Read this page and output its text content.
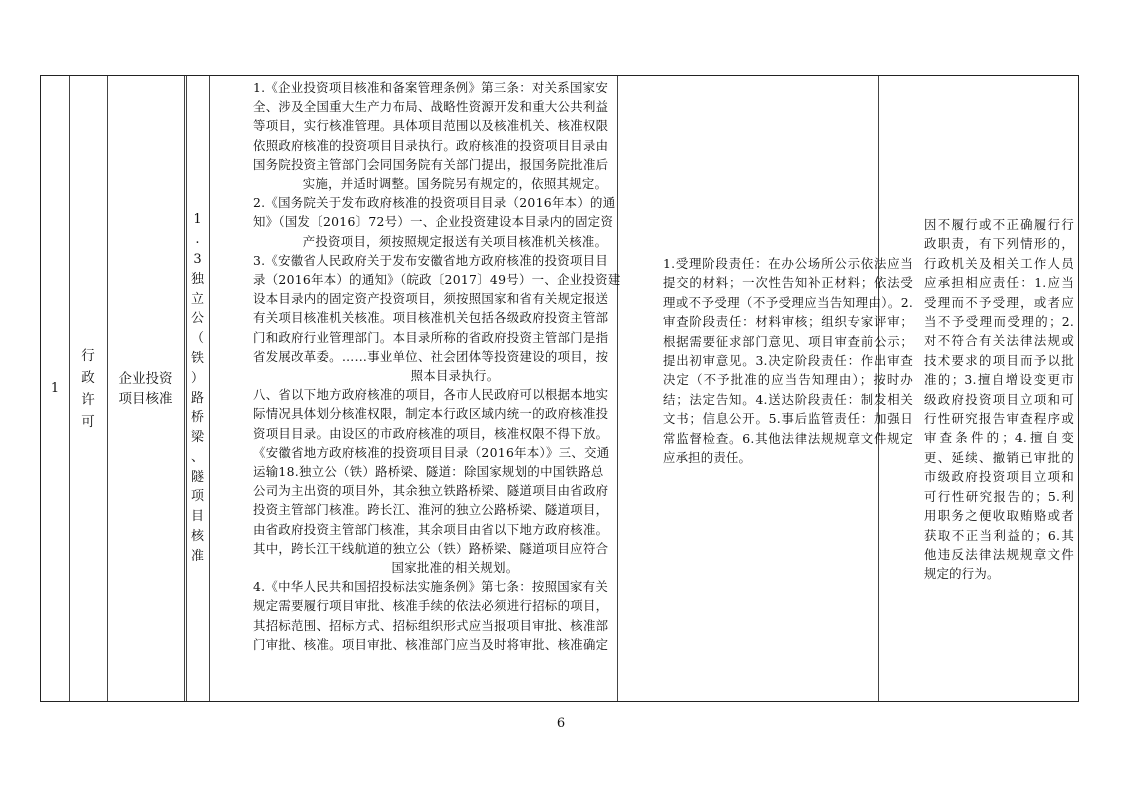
1
行
政
许
可
企业投资项目核准
1
.
3
独
立
公
（
铁
）
路
桥
梁
、
隧
项
目
核
准

1.《企业投资项目核准和备案管理条例》第三条：对关系国家安

全、涉及全国重大生产力布局、战略性资源开发和重大公共利益

等项目，实行核准管理。具体项目范围以及核准机关、核准权限

依照政府核准的投资项目目录执行。政府核准的投资项目目录由

国务院投资主管部门会同国务院有关部门提出，报国务院批准后

实施，并适时调整。国务院另有规定的，依照其规定。

2.《国务院关于发布政府核准的投资项目目录（2016年本）的通

知》（国发〔2016〕72号）一、企业投资建设本目录内的固定资

产投资项目，须按照规定报送有关项目核准机关核准。

3.《安徽省人民政府关于发布安徽省地方政府核准的投资项目目

录（2016年本）的通知》（皖政〔2017〕49号）一、企业投资建

设本目录内的固定资产投资项目，须按照国家和省有关规定报送

有关项目核准机关核准。项目核准机关包括各级政府投资主管部

门和政府行业管理部门。本目录所称的省政府投资主管部门是指

省发展改革委。……事业单位、社会团体等投资建设的项目，按

照本目录执行。

八、省以下地方政府核准的项目，各市人民政府可以根据本地实

际情况具体划分核准权限，制定本行政区域内统一的政府核准投

资项目目录。由设区的市政府核准的项目，核准权限不得下放。

《安徽省地方政府核准的投资项目目录（2016年本）》三、交通

运输18.独立公（铁）路桥梁、隧道：除国家规划的中国铁路总

公司为主出资的项目外，其余独立铁路桥梁、隧道项目由省政府

投资主管部门核准。跨长江、淮河的独立公路桥梁、隧道项目，

由省政府投资主管部门核准，其余项目由省以下地方政府核准。

其中，跨长江干线航道的独立公（铁）路桥梁、隧道项目应符合

国家批准的相关规划。

4.《中华人民共和国招投标法实施条例》第七条：按照国家有关

规定需要履行项目审批、核准手续的依法必须进行招标的项目，

其招标范围、招标方式、招标组织形式应当报项目审批、核准部

门审批、核准。项目审批、核准部门应当及时将审批、核准确定

1.受理阶段责任：在办公场所公示依法应当提交的材料；一次性告知补正材料；依法受理或不予受理（不予受理应当告知理由）。2.审查阶段责任：材料审核；组织专家评审；根据需要征求部门意见、项目审查前公示；提出初审意见。3.决定阶段责任：作出审查决定（不予批准的应当告知理由）；按时办结；法定告知。4.送达阶段责任：制发相关文书；信息公开。5.事后监管责任：加强日常监督检查。6.其他法律法规规章文件规定应承担的责任。
因不履行或不正确履行行政职责，有下列情形的，行政机关及相关工作人员应承担相应责任：1.应当受理而不予受理，或者应当不予受理而受理的；2.对不符合有关法律法规或技术要求的项目而予以批准的；3.擅自增设变更市级政府投资项目立项和可行性研究报告审查程序或审查条件的；4.擅自变更、延续、撤销已审批的市级政府投资项目立项和可行性研究报告的；5.利用职务之便收取贿赂或者获取不正当利益的；6.其他违反法律法规规章文件规定的行为。
6
